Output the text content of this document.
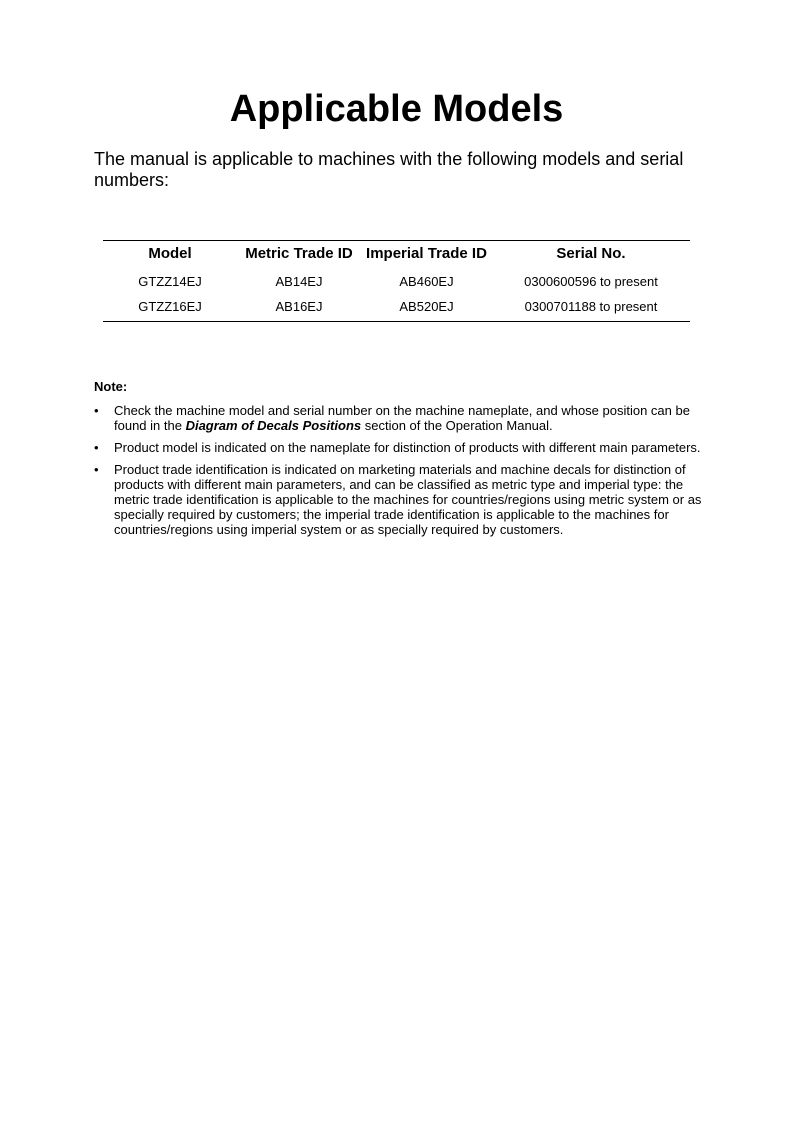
Applicable Models

The manual is applicable to machines with the following models and serial numbers:

Model	Metric Trade ID	Imperial Trade ID	Serial No.
GTZZ14EJ	AB14EJ	AB460EJ	0300600596 to present
GTZZ16EJ	AB16EJ	AB520EJ	0300701188 to present

Note:

• Check the machine model and serial number on the machine nameplate, and whose position can be found in the Diagram of Decals Positions section of the Operation Manual.
• Product model is indicated on the nameplate for distinction of products with different main parameters.
• Product trade identification is indicated on marketing materials and machine decals for distinction of products with different main parameters, and can be classified as metric type and imperial type: the metric trade identification is applicable to the machines for countries/regions using metric system or as specially required by customers; the imperial trade identification is applicable to the machines for countries/regions using imperial system or as specially required by customers.
